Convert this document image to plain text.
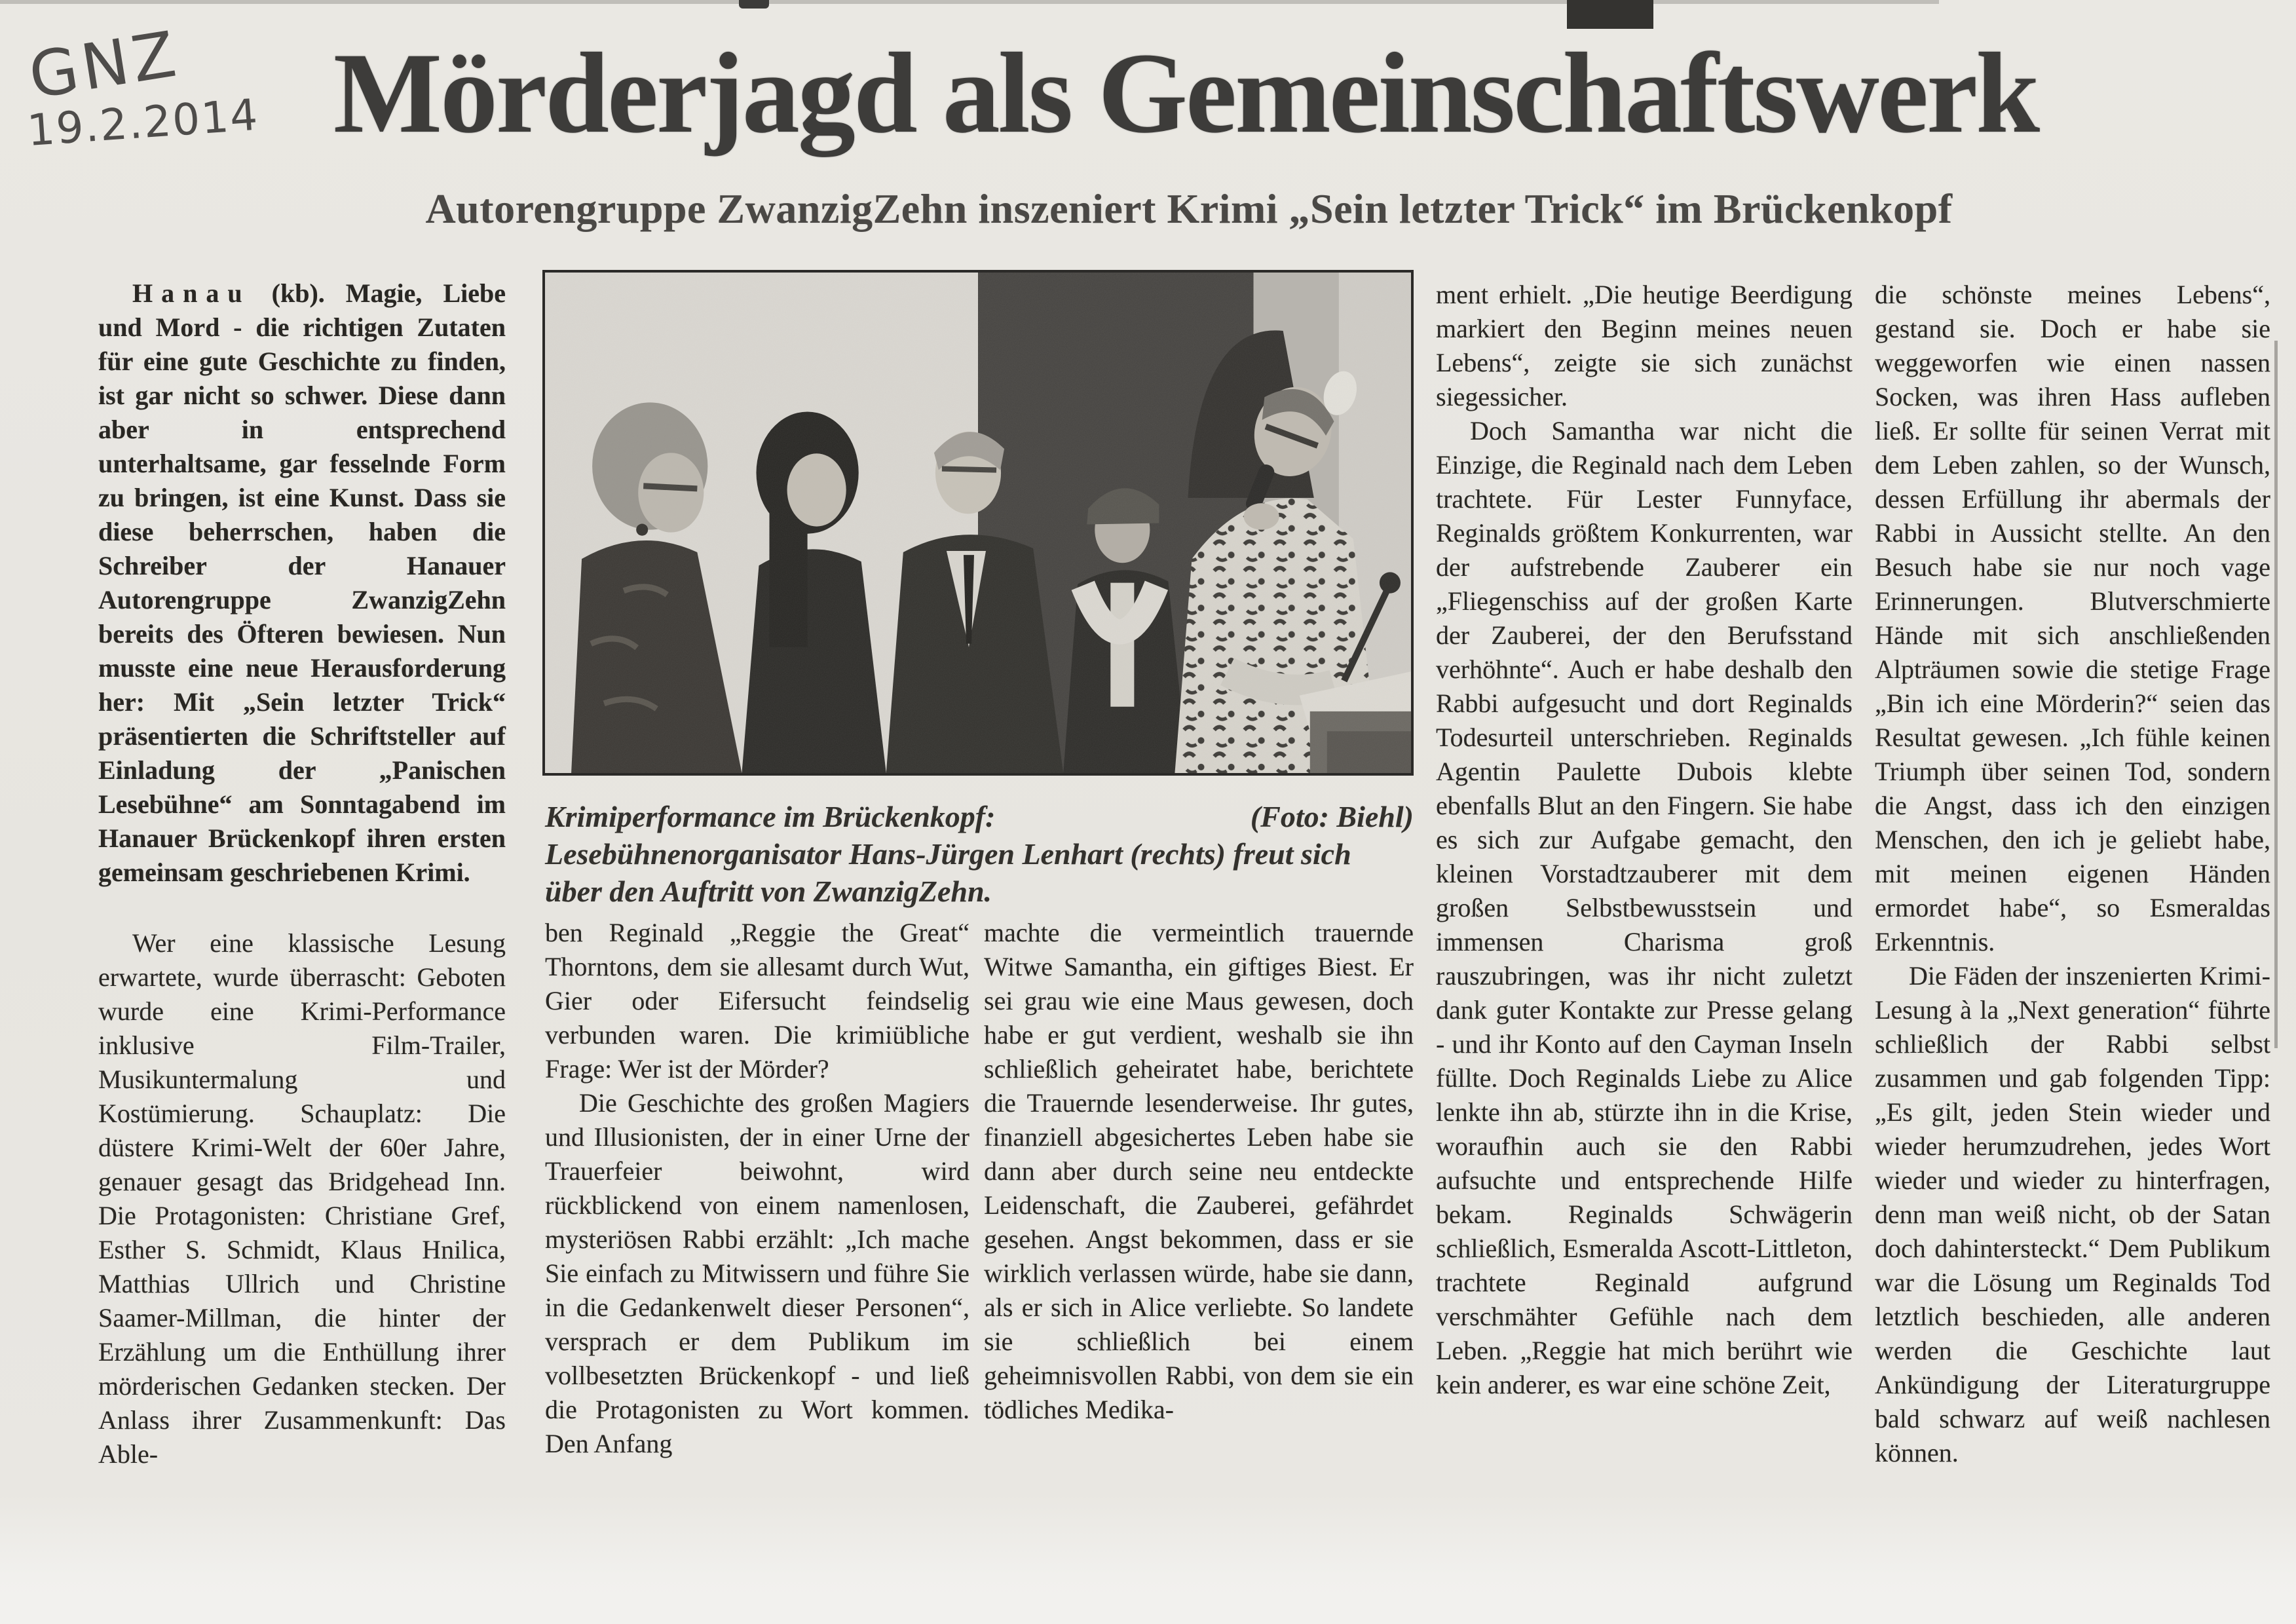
GNZ
19.2.2014 Mörderjagd als Gemeinschaftswerk
Autorengruppe ZwanzigZehn inszeniert Krimi „Sein letzter Trick“ im Brückenkopf

Hanau (kb). Magie, Liebe und Mord - die richtigen Zutaten für eine gute Geschichte zu finden, ist gar nicht so schwer. Diese dann aber in entsprechend unterhaltsame, gar fesselnde Form zu bringen, ist eine Kunst. Dass sie diese beherrschen, haben die Schreiber der Hanauer Autorengruppe ZwanzigZehn bereits des Öfteren bewiesen. Nun musste eine neue Herausforderung her: Mit „Sein letzter Trick“ präsentierten die Schriftsteller auf Einladung der „Panischen Lesebühne“ am Sonntagabend im Hanauer Brückenkopf ihren ersten gemeinsam geschriebenen Krimi.

Wer eine klassische Lesung erwartete, wurde überrascht: Geboten wurde eine Krimi-Performance inklusive Film-Trailer, Musikuntermalung und Kostümierung. Schauplatz: Die düstere Krimi-Welt der 60er Jahre, genauer gesagt das Bridgehead Inn. Die Protagonisten: Christiane Gref, Esther S. Schmidt, Klaus Hnilica, Matthias Ullrich und Christine Saamer-Millman, die hinter der Erzählung um die Enthüllung ihrer mörderischen Gedanken stecken. Der Anlass ihrer Zusammenkunft: Das Able-

(Foto: Biehl)
Krimiperformance im Brückenkopf: Lesebühnenorganisator Hans-Jürgen Lenhart (rechts) freut sich über den Auftritt von ZwanzigZehn.

ben Reginald „Reggie the Great“ Thorntons, dem sie allesamt durch Wut, Gier oder Eifersucht feindselig verbunden waren. Die krimiübliche Frage: Wer ist der Mörder?

Die Geschichte des großen Magiers und Illusionisten, der in einer Urne der Trauerfeier beiwohnt, wird rückblickend von einem namenlosen, mysteriösen Rabbi erzählt: „Ich mache Sie einfach zu Mitwissern und führe Sie in die Gedankenwelt dieser Personen“, versprach er dem Publikum im vollbesetzten Brückenkopf - und ließ die Protagonisten zu Wort kommen. Den Anfang

machte die vermeintlich trauernde Witwe Samantha, ein giftiges Biest. Er sei grau wie eine Maus gewesen, doch habe er gut verdient, weshalb sie ihn schließlich geheiratet habe, berichtete die Trauernde lesenderweise. Ihr gutes, finanziell abgesichertes Leben habe sie dann aber durch seine neu entdeckte Leidenschaft, die Zauberei, gefährdet gesehen. Angst bekommen, dass er sie wirklich verlassen würde, habe sie dann, als er sich in Alice verliebte. So landete sie schließlich bei einem geheimnisvollen Rabbi, von dem sie ein tödliches Medika-

ment erhielt. „Die heutige Beerdigung markiert den Beginn meines neuen Lebens“, zeigte sie sich zunächst siegessicher.

Doch Samantha war nicht die Einzige, die Reginald nach dem Leben trachtete. Für Lester Funnyface, Reginalds größtem Konkurrenten, war der aufstrebende Zauberer ein „Fliegenschiss auf der großen Karte der Zauberei, der den Berufsstand verhöhnte“. Auch er habe deshalb den Rabbi aufgesucht und dort Reginalds Todesurteil unterschrieben. Reginalds Agentin Paulette Dubois klebte ebenfalls Blut an den Fingern. Sie habe es sich zur Aufgabe gemacht, den kleinen Vorstadtzauberer mit dem großen Selbstbewusstsein und immensen Charisma groß rauszubringen, was ihr nicht zuletzt dank guter Kontakte zur Presse gelang - und ihr Konto auf den Cayman Inseln füllte. Doch Reginalds Liebe zu Alice lenkte ihn ab, stürzte ihn in die Krise, woraufhin auch sie den Rabbi aufsuchte und entsprechende Hilfe bekam. Reginalds Schwägerin schließlich, Esmeralda Ascott-Littleton, trachtete Reginald aufgrund verschmähter Gefühle nach dem Leben. „Reggie hat mich berührt wie kein anderer, es war eine schöne Zeit,

die schönste meines Lebens“, gestand sie. Doch er habe sie weggeworfen wie einen nassen Socken, was ihren Hass aufleben ließ. Er sollte für seinen Verrat mit dem Leben zahlen, so der Wunsch, dessen Erfüllung ihr abermals der Rabbi in Aussicht stellte. An den Besuch habe sie nur noch vage Erinnerungen. Blutverschmierte Hände mit sich anschließenden Alpträumen sowie die stetige Frage „Bin ich eine Mörderin?“ seien das Resultat gewesen. „Ich fühle keinen Triumph über seinen Tod, sondern die Angst, dass ich den einzigen Menschen, den ich je geliebt habe, mit meinen eigenen Händen ermordet habe“, so Esmeraldas Erkenntnis.

Die Fäden der inszenierten Krimi-Lesung à la „Next generation“ führte schließlich der Rabbi selbst zusammen und gab folgenden Tipp: „Es gilt, jeden Stein wieder und wieder herumzudrehen, jedes Wort wieder und wieder zu hinterfragen, denn man weiß nicht, ob der Satan doch dahintersteckt.“ Dem Publikum war die Lösung um Reginalds Tod letztlich beschieden, alle anderen werden die Geschichte laut Ankündigung der Literaturgruppe bald schwarz auf weiß nachlesen können.
